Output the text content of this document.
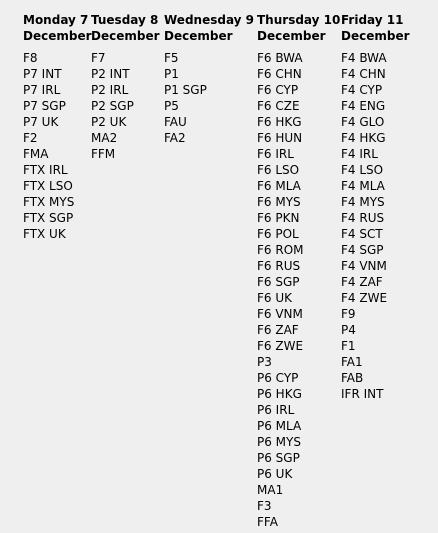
Monday 7
December
F8
P7 INT
P7 IRL
P7 SGP
P7 UK
F2
FMA
FTX IRL
FTX LSO
FTX MYS
FTX SGP
FTX UK
Tuesday 8
December
F7
P2 INT
P2 IRL
P2 SGP
P2 UK
MA2
FFM
Wednesday 9
December
F5
P1
P1 SGP
P5
FAU
FA2
Thursday 10
December
F6 BWA
F6 CHN
F6 CYP
F6 CZE
F6 HKG
F6 HUN
F6 IRL
F6 LSO
F6 MLA
F6 MYS
F6 PKN
F6 POL
F6 ROM
F6 RUS
F6 SGP
F6 UK
F6 VNM
F6 ZAF
F6 ZWE
P3
P6 CYP
P6 HKG
P6 IRL
P6 MLA
P6 MYS
P6 SGP
P6 UK
MA1
F3
FFA
Friday 11
December
F4 BWA
F4 CHN
F4 CYP
F4 ENG
F4 GLO
F4 HKG
F4 IRL
F4 LSO
F4 MLA
F4 MYS
F4 RUS
F4 SCT
F4 SGP
F4 VNM
F4 ZAF
F4 ZWE
F9
P4
F1
FA1
FAB
IFR INT
